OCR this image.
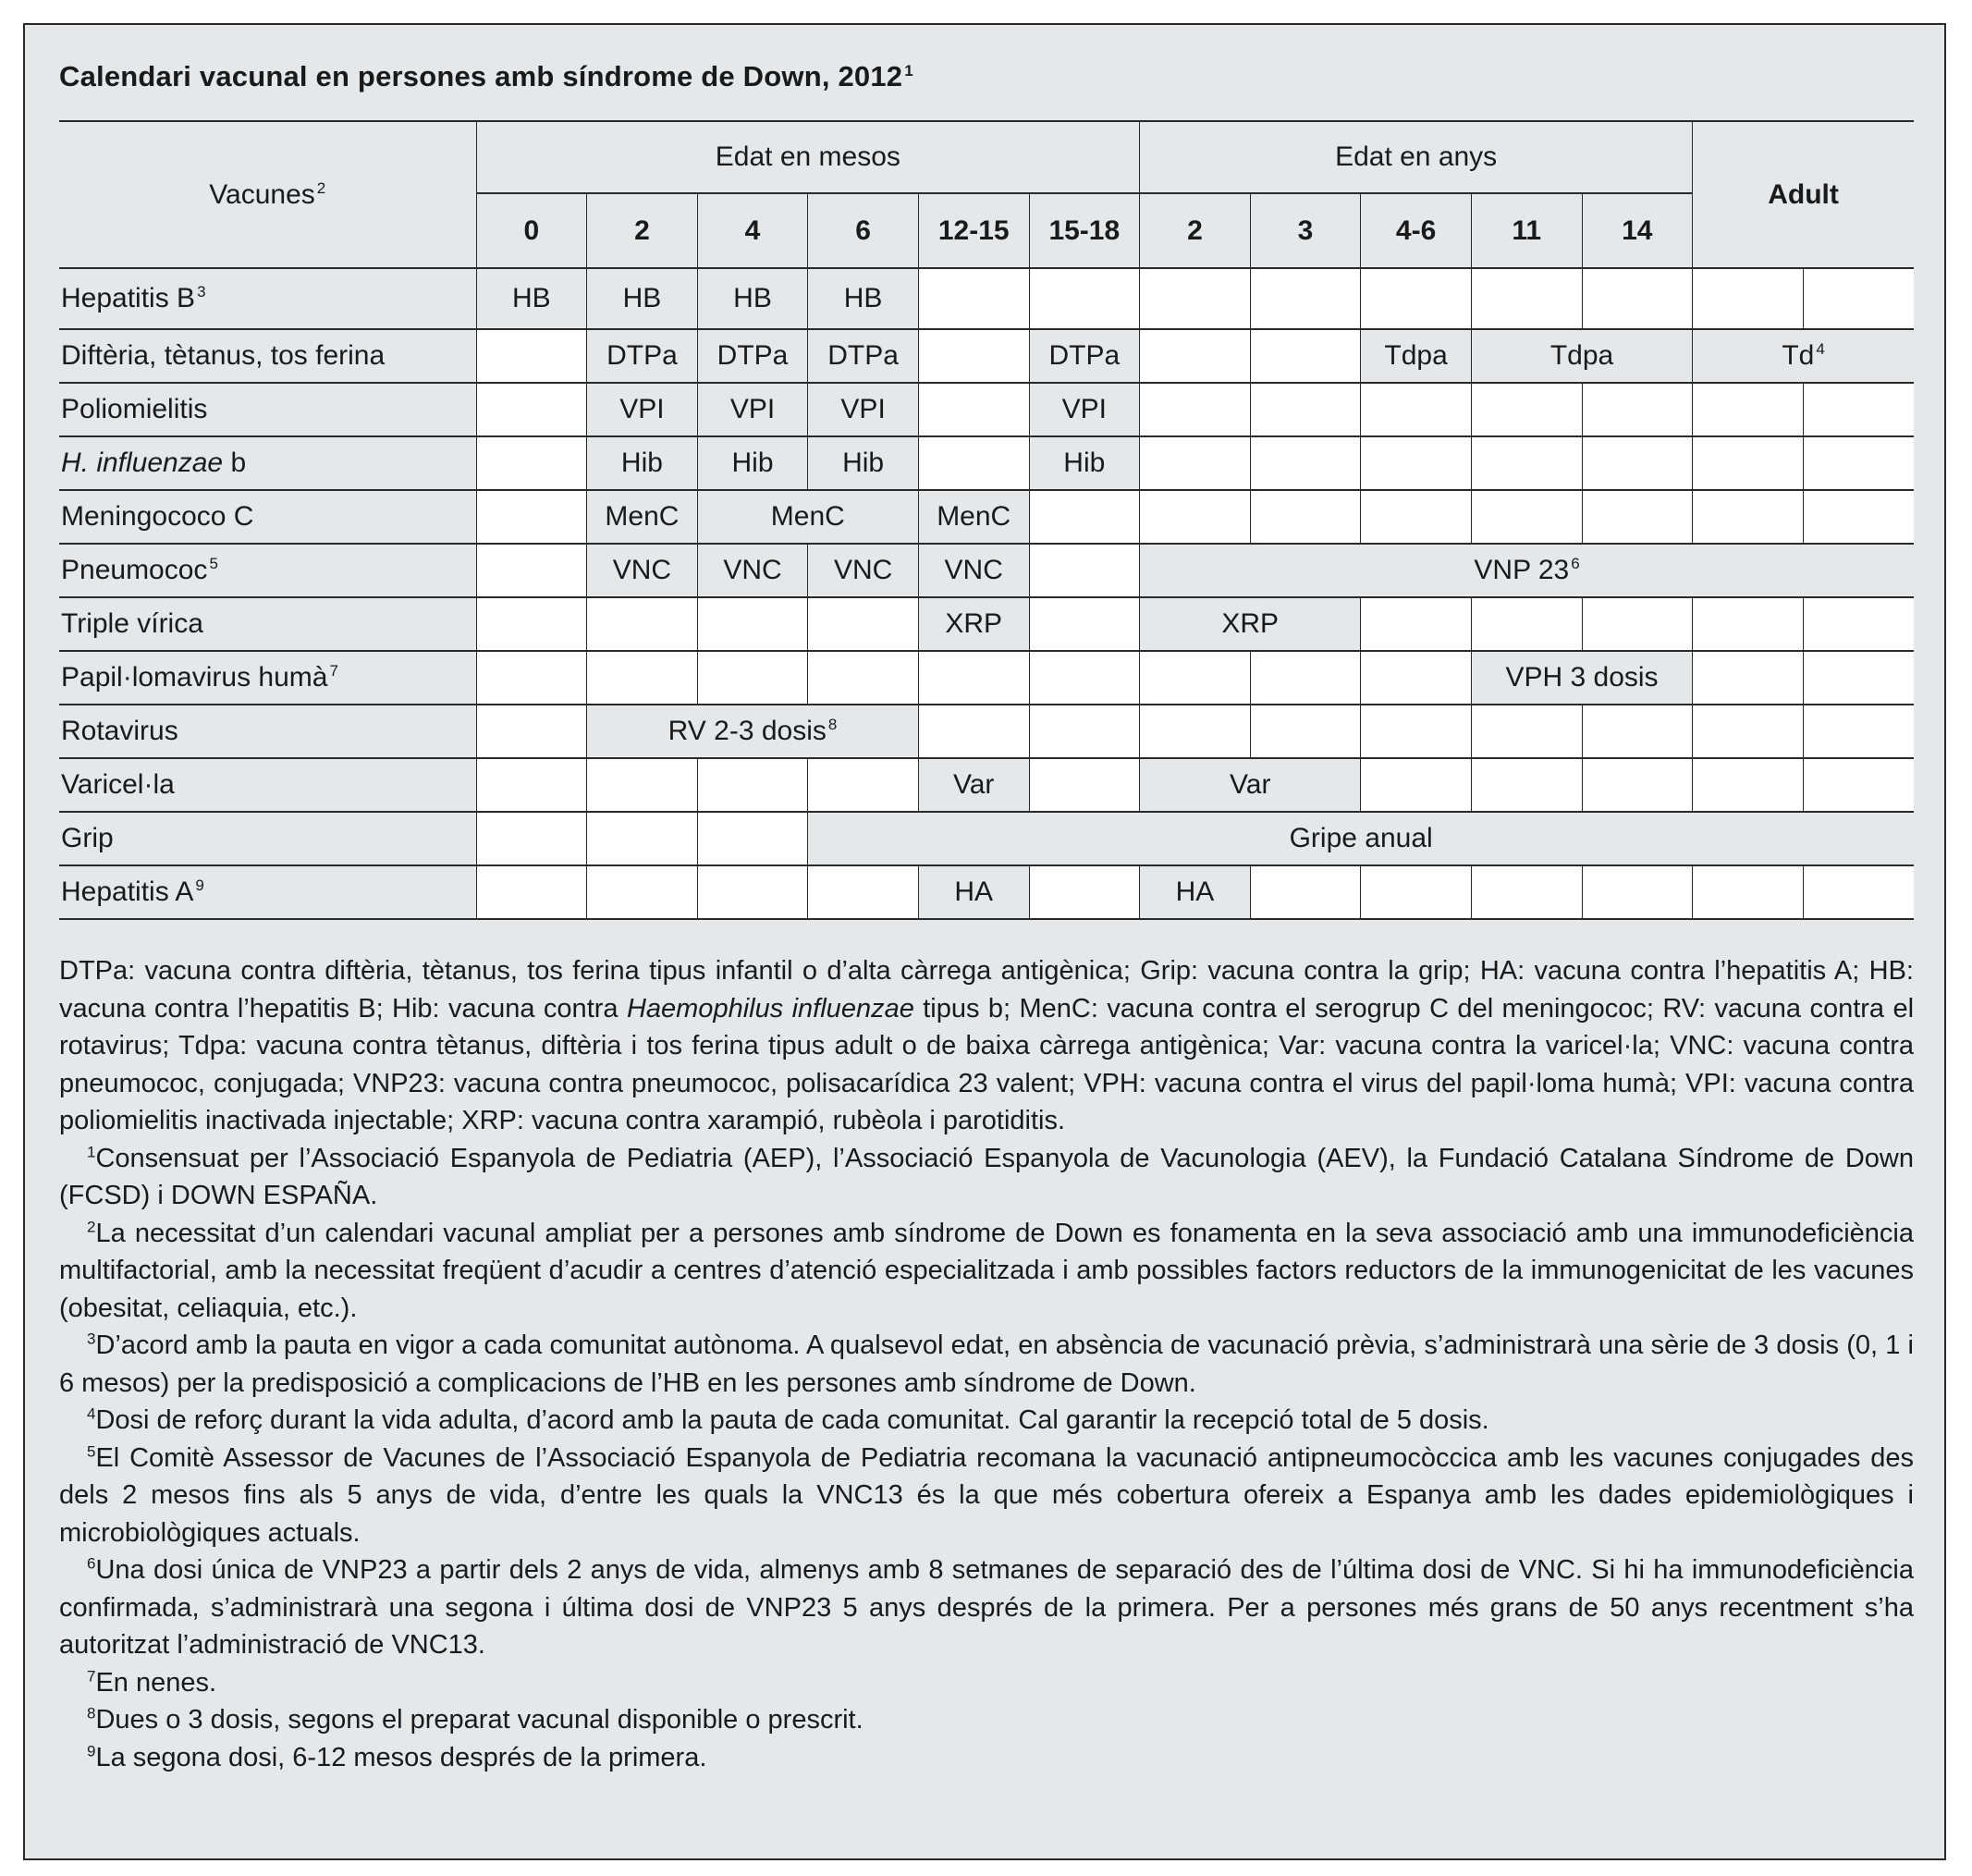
Calendari vacunal en persones amb síndrome de Down, 2012 $^1$
Vacunes $^2$	Edat en mesos						Edat en anys					Adult	
	0	2	4	6	12-15	15-18	2	3	4-6	11	14		
Hepatitis B $^3$	HB	HB	HB	HB									
Diftèria, tètanus, tos ferina		DTPa	DTPa	DTPa		DTPa			Tdpa	Tdpa		Td $^4$
Poliomielitis		VPI	VPI	VPI		VPI							
H. influenzae b		Hib	Hib	Hib		Hib							
Meningococo C		MenC	MenC		MenC								
Pneumococ $^5$		VNC	VNC	VNC	VNC		VNP 23 $^6$
Triple vírica					XRP		XRP						
Papil·lomavirus humà $^7$										VPH 3 dosis			
Rotavirus		RV 2-3 dosis $^8$									
Varicel·la					Var		Var						
Grip				Gripe anual									
Hepatitis A $^9$					HA		HA						

DTPa: vacuna contra diftèria, tètanus, tos ferina tipus infantil o d’alta càrrega antigènica; Grip: vacuna contra la grip; HA: vacuna contra l’hepatitis A; HB: vacuna contra l’hepatitis B; Hib: vacuna contra Haemophilus influenzae tipus b; MenC: vacuna contra el serogrup C del meningococ; RV: vacuna contra el rotavirus; Tdpa: vacuna contra tètanus, diftèria i tos ferina tipus adult o de baixa càrrega antigènica; Var: vacuna contra la varicel·la; VNC: vacuna contra pneumococ, conjugada; VNP23: vacuna contra pneumococ, polisacarídica 23 valent; VPH: vacuna contra el virus del papil·loma humà; VPI: vacuna contra poliomielitis inactivada injectable; XRP: vacuna contra xarampió, rubèola i parotiditis.

$^1$Consensuat per l’Associació Espanyola de Pediatria (AEP), l’Associació Espanyola de Vacunologia (AEV), la Fundació Catalana Síndrome de Down (FCSD) i DOWN ESPAÑA.

$^2$La necessitat d’un calendari vacunal ampliat per a persones amb síndrome de Down es fonamenta en la seva associació amb una immunodeficiència multifactorial, amb la necessitat freqüent d’acudir a centres d’atenció especialitzada i amb possibles factors reductors de la immunogenicitat de les vacunes (obesitat, celiaquia, etc.).

$^3$D’acord amb la pauta en vigor a cada comunitat autònoma. A qualsevol edat, en absència de vacunació prèvia, s’administrarà una sèrie de 3 dosis (0, 1 i 6 mesos) per la predisposició a complicacions de l’HB en les persones amb síndrome de Down.

$^4$Dosi de reforç durant la vida adulta, d’acord amb la pauta de cada comunitat. Cal garantir la recepció total de 5 dosis.

$^5$El Comitè Assessor de Vacunes de l’Associació Espanyola de Pediatria recomana la vacunació antipneumocòccica amb les vacunes conjugades des dels 2 mesos fins als 5 anys de vida, d’entre les quals la VNC13 és la que més cobertura ofereix a Espanya amb les dades epidemiològiques i microbiològiques actuals.

$^6$Una dosi única de VNP23 a partir dels 2 anys de vida, almenys amb 8 setmanes de separació des de l’última dosi de VNC. Si hi ha immunodeficiència confirmada, s’administrarà una segona i última dosi de VNP23 5 anys després de la primera. Per a persones més grans de 50 anys recentment s’ha autoritzat l’administració de VNC13.

$^7$En nenes.

$^8$Dues o 3 dosis, segons el preparat vacunal disponible o prescrit.

$^9$La segona dosi, 6-12 mesos després de la primera.
